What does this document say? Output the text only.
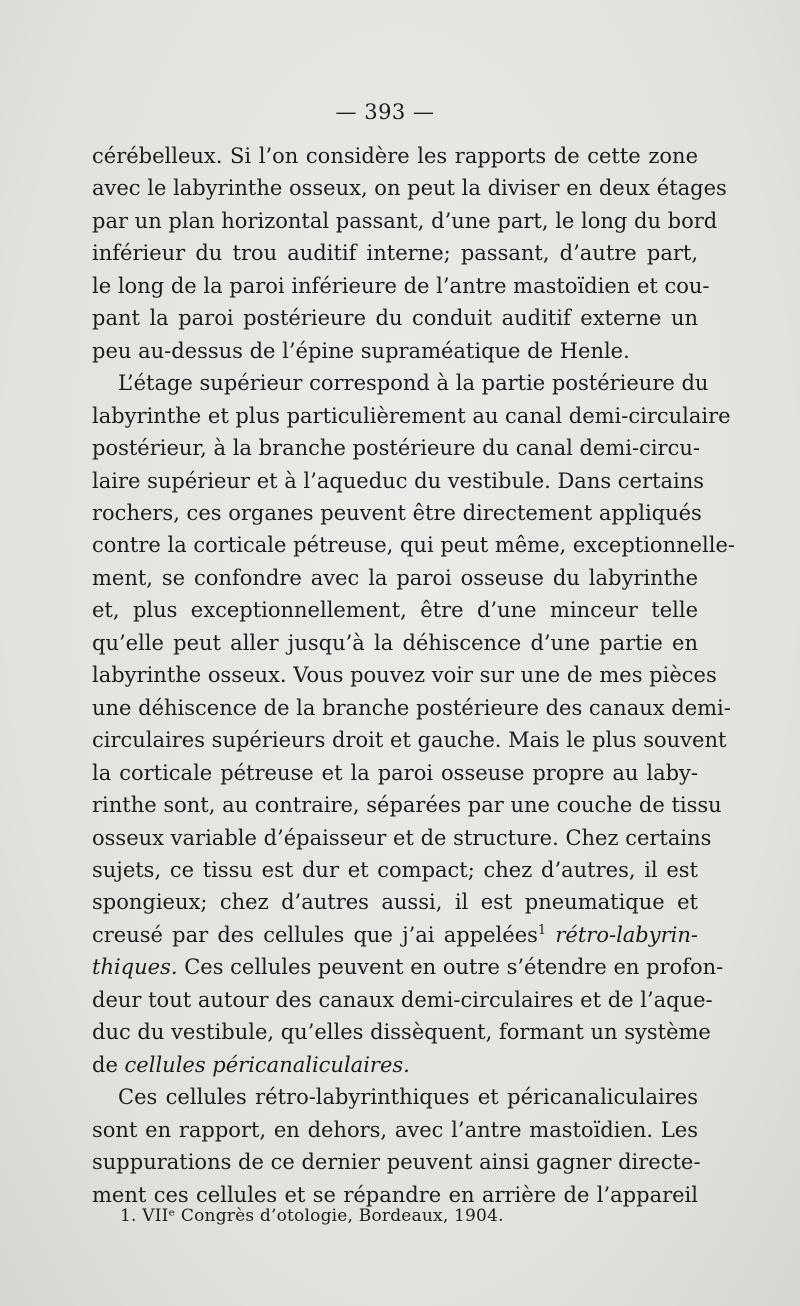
— 393 —
cérébelleux. Si l’on considère les rapports de cette zone
avec le labyrinthe osseux, on peut la diviser en deux étages
par un plan horizontal passant, d’une part, le long du bord
inférieur du trou auditif interne; passant, d’autre part,
le long de la paroi inférieure de l’antre mastoïdien et cou-
pant la paroi postérieure du conduit auditif externe un
peu au-dessus de l’épine supraméatique de Henle.
L’étage supérieur correspond à la partie postérieure du
labyrinthe et plus particulièrement au canal demi-circulaire
postérieur, à la branche postérieure du canal demi-circu-
laire supérieur et à l’aqueduc du vestibule. Dans certains
rochers, ces organes peuvent être directement appliqués
contre la corticale pétreuse, qui peut même, exceptionnelle-
ment, se confondre avec la paroi osseuse du labyrinthe
et, plus exceptionnellement, être d’une minceur telle
qu’elle peut aller jusqu’à la déhiscence d’une partie en
labyrinthe osseux. Vous pouvez voir sur une de mes pièces
une déhiscence de la branche postérieure des canaux demi-
circulaires supérieurs droit et gauche. Mais le plus souvent
la corticale pétreuse et la paroi osseuse propre au laby-
rinthe sont, au contraire, séparées par une couche de tissu
osseux variable d’épaisseur et de structure. Chez certains
sujets, ce tissu est dur et compact; chez d’autres, il est
spongieux; chez d’autres aussi, il est pneumatique et
creusé par des cellules que j’ai appelées$^1$ rétro-labyrin-
thiques. Ces cellules peuvent en outre s’étendre en profon-
deur tout autour des canaux demi-circulaires et de l’aque-
duc du vestibule, qu’elles dissèquent, formant un système
de cellules péricanaliculaires.
Ces cellules rétro-labyrinthiques et péricanaliculaires
sont en rapport, en dehors, avec l’antre mastoïdien. Les
suppurations de ce dernier peuvent ainsi gagner directe-
ment ces cellules et se répandre en arrière de l’appareil
1. VIIᵉ Congrès d’otologie, Bordeaux, 1904.
